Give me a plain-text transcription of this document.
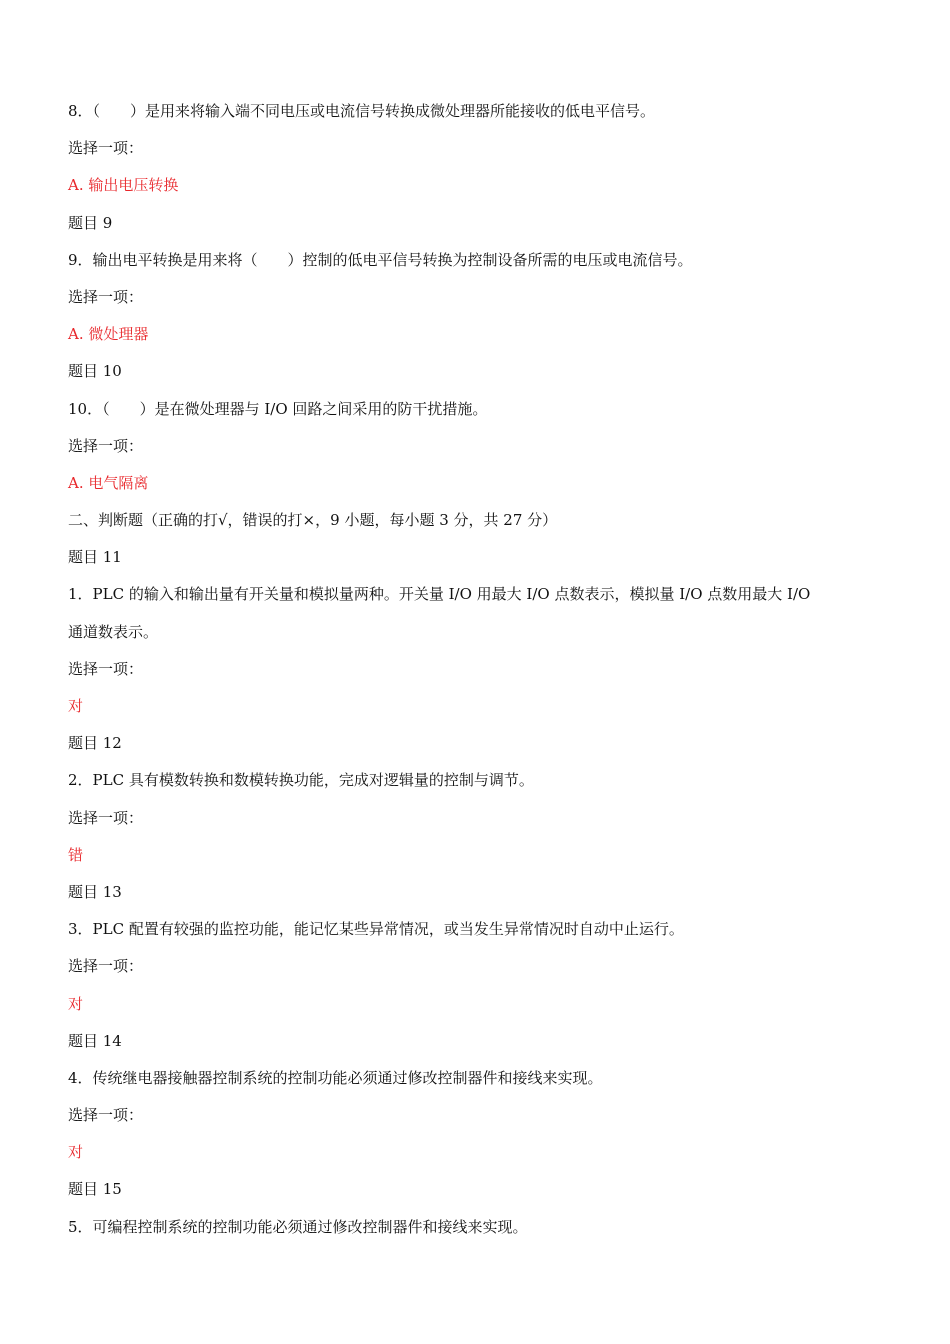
8．（　　）是用来将输入端不同电压或电流信号转换成微处理器所能接收的低电平信号。
选择一项：
A. 输出电压转换
题目 9
9．输出电平转换是用来将（　　）控制的低电平信号转换为控制设备所需的电压或电流信号。
选择一项：
A. 微处理器
题目 10
10．（　　）是在微处理器与 I/O 回路之间采用的防干扰措施。
选择一项：
A. 电气隔离
二、判断题（正确的打√，错误的打×，9 小题，每小题 3 分，共 27 分）
题目 11
1．PLC 的输入和输出量有开关量和模拟量两种。开关量 I/O 用最大 I/O 点数表示，模拟量 I/O 点数用最大 I/O
通道数表示。
选择一项：
对
题目 12
2．PLC 具有模数转换和数模转换功能，完成对逻辑量的控制与调节。
选择一项：
错
题目 13
3．PLC 配置有较强的监控功能，能记忆某些异常情况，或当发生异常情况时自动中止运行。
选择一项：
对
题目 14
4．传统继电器接触器控制系统的控制功能必须通过修改控制器件和接线来实现。
选择一项：
对
题目 15
5．可编程控制系统的控制功能必须通过修改控制器件和接线来实现。
